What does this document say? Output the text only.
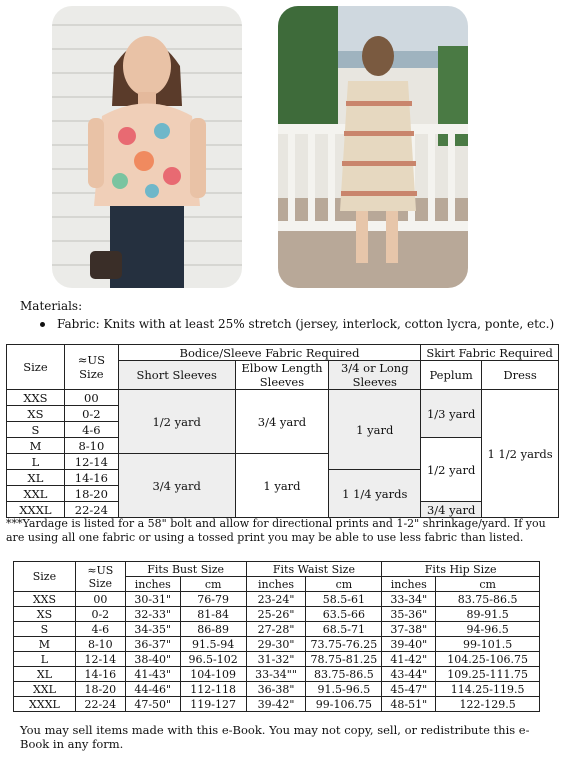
Materials:
Fabric: Knits with at least 25% stretch (jersey, interlock, cotton lycra, ponte, etc.)
Size	≈US Size	Bodice/Sleeve Fabric Required			Skirt Fabric Required	
		Short Sleeves	Elbow Length Sleeves	3/4 or Long Sleeves	Peplum	Dress
XXS	00	1/2 yard	3/4 yard	1 yard	1/3 yard	1 1/2 yards
XS	0-2					
S	4-6					
M	8-10				1/2 yard	
L	12-14	3/4 yard	1 yard			
XL	14-16			1 1/4 yards		
XXL	18-20					
XXXL	22-24				3/4 yard	
***Yardage is listed for a 58" bolt and allow for directional prints and 1-2" shrinkage/yard. If you are using all one fabric or using a tossed print you may be able to use less fabric than listed.
Size	≈US Size	Fits Bust Size		Fits Waist Size		Fits Hip Size	
		inches	cm	inches	cm	inches	cm
XXS	00	30-31"	76-79	23-24"	58.5-61	33-34"	83.75-86.5
XS	0-2	32-33"	81-84	25-26"	63.5-66	35-36"	89-91.5
S	4-6	34-35"	86-89	27-28"	68.5-71	37-38"	94-96.5
M	8-10	36-37"	91.5-94	29-30"	73.75-76.25	39-40"	99-101.5
L	12-14	38-40"	96.5-102	31-32"	78.75-81.25	41-42"	104.25-106.75
XL	14-16	41-43"	104-109	33-34""	83.75-86.5	43-44"	109.25-111.75
XXL	18-20	44-46"	112-118	36-38"	91.5-96.5	45-47"	114.25-119.5
XXXL	22-24	47-50"	119-127	39-42"	99-106.75	48-51"	122-129.5
You may sell items made with this e-Book. You may not copy, sell, or redistribute this e-Book in any form.
